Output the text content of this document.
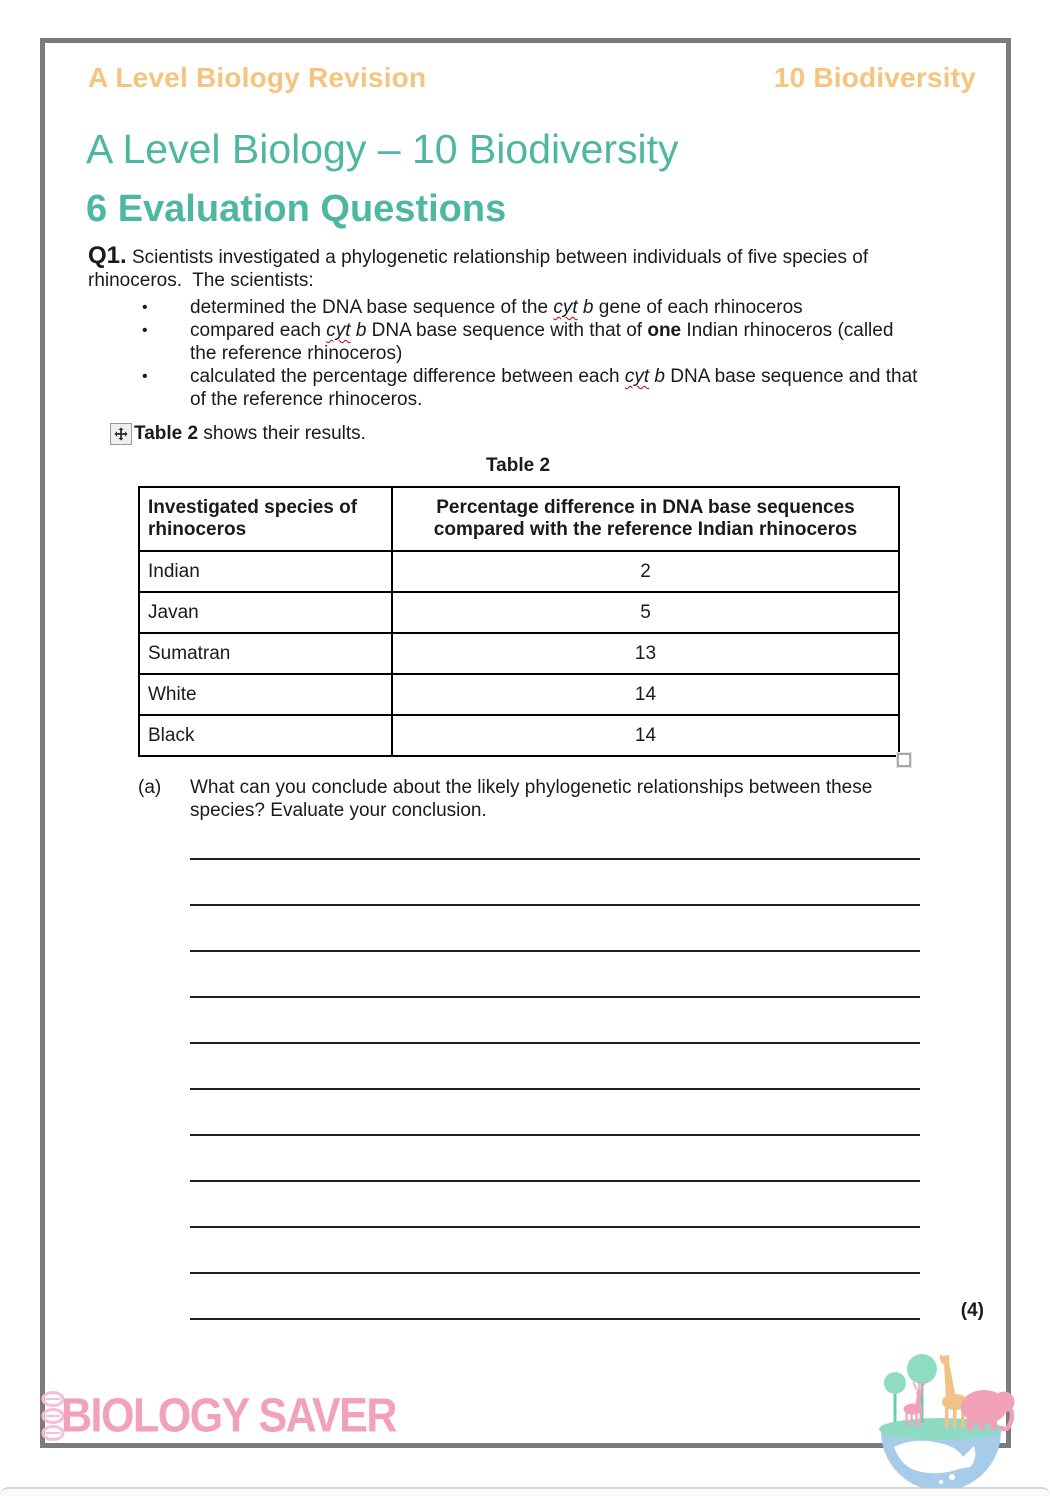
A Level Biology Revision	10 Biodiversity
A Level Biology – 10 Biodiversity
6 Evaluation Questions

Q1. Scientists investigated a phylogenetic relationship between individuals of five species of rhinoceros.  The scientists:

•	determined the DNA base sequence of the cyt b gene of each rhinoceros
•	compared each cyt b DNA base sequence with that of one Indian rhinoceros (called the reference rhinoceros)
•	calculated the percentage difference between each cyt b DNA base sequence and that of the reference rhinoceros.
Table 2 shows their results.
Table 2
Investigated species of rhinoceros	Percentage difference in DNA base sequences compared with the reference Indian rhinoceros
Indian	2
Javan	5
Sumatran	13
White	14
Black	14
(a)	What can you conclude about the likely phylogenetic relationships between these species? Evaluate your conclusion.
(4)
BIOLOGY SAVER
